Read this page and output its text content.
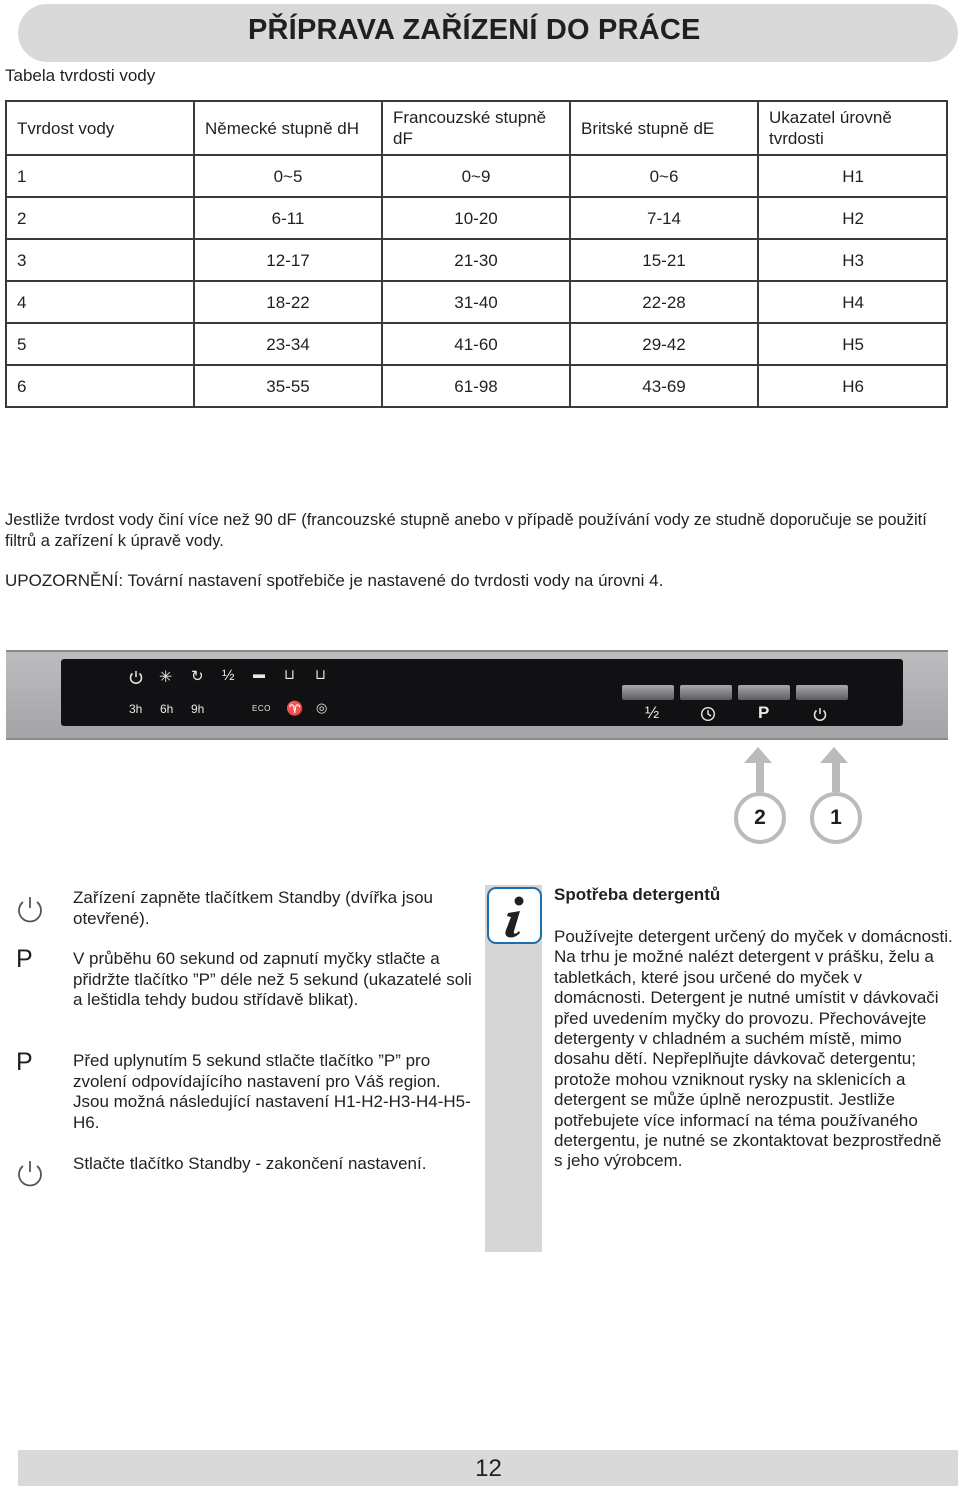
PŘÍPRAVA ZAŘÍZENÍ DO PRÁCE
Tabela tvrdosti vody
Tvrdost vody	Německé stupně dH	Francouzské stupně dF	Britské stupně dE	Ukazatel úrovně tvrdosti
1	0~5	0~9	0~6	H1
2	6-11	10-20	7-14	H2
3	12-17	21-30	15-21	H3
4	18-22	31-40	22-28	H4
5	23-34	41-60	29-42	H5
6	35-55	61-98	43-69	H6
Jestliže tvrdost vody činí více než 90 dF (francouzské stupně anebo v případě používání vody ze studně doporučuje se použití filtrů a zařízení k úpravě vody.
UPOZORNĚNÍ: Tovární nastavení spotřebiče je nastavené do tvrdosti vody na úrovni 4.
✳ ↻ ½ ▬ ⊔ ⊔
3h 6h 9h	ECO ♈ ◎	½	P
2	1
P
P
Zařízení zapněte tlačítkem Standby (dvířka jsou otevřené).
V průběhu 60 sekund od zapnutí myčky stlačte a přidržte tlačítko ”P” déle než 5 sekund (ukazatelé soli a leštidla tehdy budou střídavě blikat).
Před uplynutím 5 sekund stlačte tlačítko ”P” pro zvolení odpovídajícího nastavení pro Váš region. Jsou možná následující nastavení H1-H2-H3-H4-H5-H6.
Stlačte tlačítko Standby - zakončení nastavení.
Spotřeba detergentů
Používejte detergent určený do myček v domácnosti. Na trhu je možné nalézt detergent v prášku, želu a tabletkách, které jsou určené do myček v domácnosti. Detergent je nutné umístit v dávkovači před uvedením myčky do provozu. Přechovávejte detergenty v chladném a suchém místě, mimo dosahu dětí. Nepřeplňujte dávkovač detergentu; protože mohou vzniknout rysky na sklenicích a detergent se může úplně nerozpustit. Jestliže potřebujete více informací na téma používaného detergentu, je nutné se zkontaktovat bezprostředně s jeho výrobcem.
12
